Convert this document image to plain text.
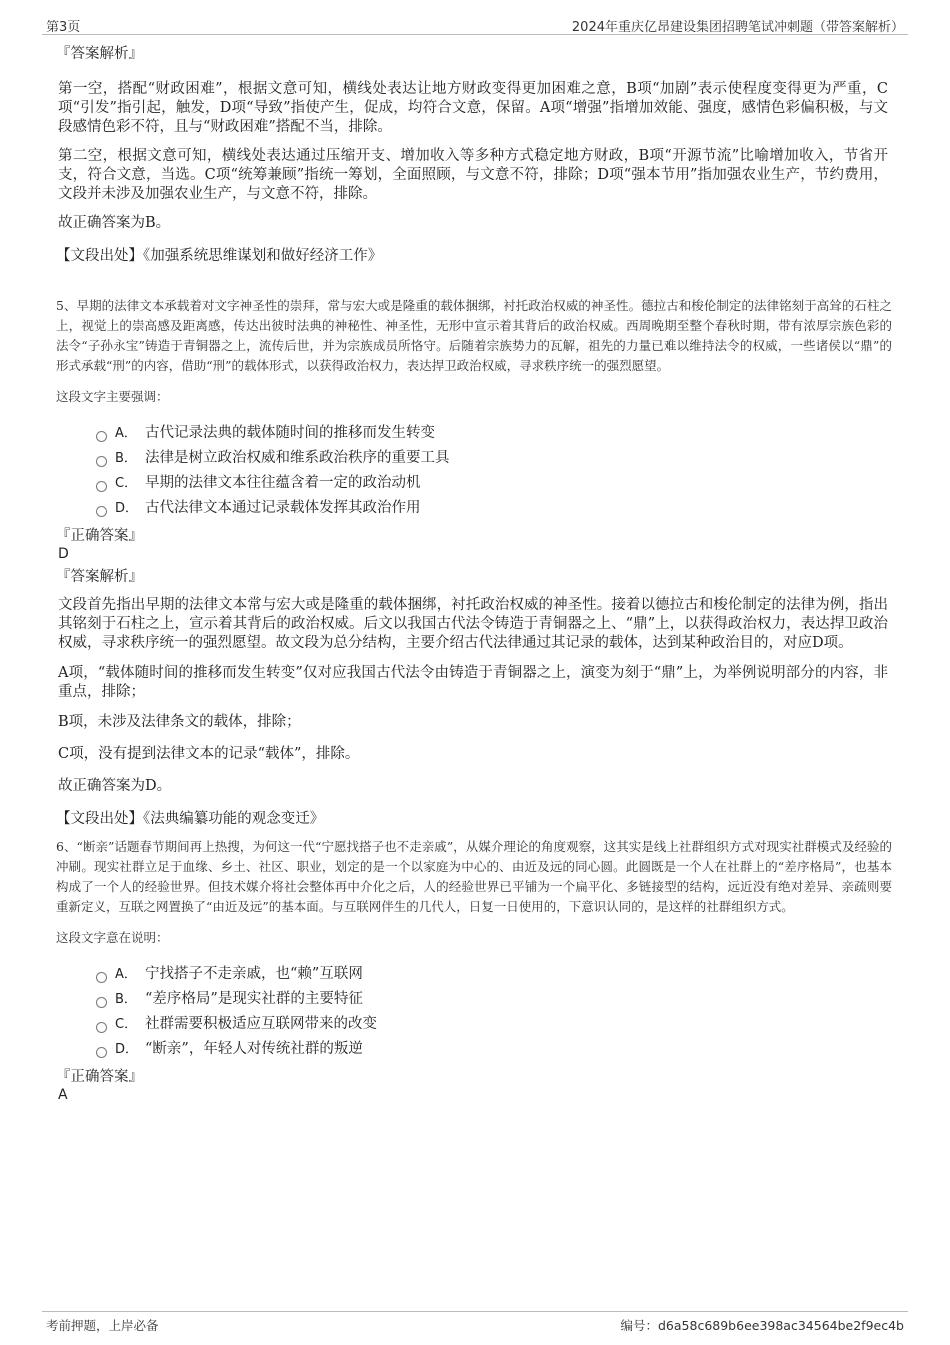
第3页	2024年重庆亿昂建设集团招聘笔试冲刺题（带答案解析）

『答案解析』

第一空，搭配“财政困难”，根据文意可知，横线处表达让地方财政变得更加困难之意，B项“加剧”表示使程度变得更为严重，C项“引发”指引起，触发，D项“导致”指使产生，促成，均符合文意，保留。A项“增强”指增加效能、强度，感情色彩偏积极，与文段感情色彩不符，且与“财政困难”搭配不当，排除。

第二空，根据文意可知，横线处表达通过压缩开支、增加收入等多种方式稳定地方财政，B项“开源节流”比喻增加收入，节省开支，符合文意，当选。C项“统筹兼顾”指统一筹划，全面照顾，与文意不符，排除；D项“强本节用”指加强农业生产，节约费用，文段并未涉及加强农业生产，与文意不符，排除。

故正确答案为B。

【文段出处】《加强系统思维谋划和做好经济工作》

5、早期的法律文本承载着对文字神圣性的崇拜，常与宏大或是隆重的载体捆绑，衬托政治权威的神圣性。德拉古和梭伦制定的法律铭刻于高耸的石柱之上，视觉上的崇高感及距离感，传达出彼时法典的神秘性、神圣性，无形中宣示着其背后的政治权威。西周晚期至整个春秋时期，带有浓厚宗族色彩的法令“子孙永宝”铸造于青铜器之上，流传后世，并为宗族成员所恪守。后随着宗族势力的瓦解，祖先的力量已难以维持法令的权威，一些诸侯以“鼎”的形式承载“刑”的内容，借助“刑”的载体形式，以获得政治权力，表达捍卫政治权威，寻求秩序统一的强烈愿望。

这段文字主要强调：

A． 古代记录法典的载体随时间的推移而发生转变
B． 法律是树立政治权威和维系政治秩序的重要工具
C． 早期的法律文本往往蕴含着一定的政治动机
D． 古代法律文本通过记录载体发挥其政治作用

『正确答案』

D

『答案解析』

文段首先指出早期的法律文本常与宏大或是隆重的载体捆绑，衬托政治权威的神圣性。接着以德拉古和梭伦制定的法律为例，指出其铭刻于石柱之上，宣示着其背后的政治权威。后文以我国古代法令铸造于青铜器之上、“鼎”上，以获得政治权力，表达捍卫政治权威，寻求秩序统一的强烈愿望。故文段为总分结构，主要介绍古代法律通过其记录的载体，达到某种政治目的，对应D项。

A项，“载体随时间的推移而发生转变”仅对应我国古代法令由铸造于青铜器之上，演变为刻于“鼎”上，为举例说明部分的内容，非重点，排除；

B项，未涉及法律条文的载体，排除；

C项，没有提到法律文本的记录“载体”，排除。

故正确答案为D。

【文段出处】《法典编纂功能的观念变迁》

6、“断亲”话题春节期间再上热搜，为何这一代“宁愿找搭子也不走亲戚”，从媒介理论的角度观察，这其实是线上社群组织方式对现实社群模式及经验的冲刷。现实社群立足于血缘、乡土、社区、职业，划定的是一个以家庭为中心的、由近及远的同心圆。此圆既是一个人在社群上的“差序格局”，也基本构成了一个人的经验世界。但技术媒介将社会整体再中介化之后，人的经验世界已平铺为一个扁平化、多链接型的结构，远近没有绝对差异、亲疏则要重新定义，互联之网置换了“由近及远”的基本面。与互联网伴生的几代人，日复一日使用的，下意识认同的，是这样的社群组织方式。

这段文字意在说明：

A． 宁找搭子不走亲戚，也“赖”互联网
B． “差序格局”是现实社群的主要特征
C． 社群需要积极适应互联网带来的改变
D． “断亲”，年轻人对传统社群的叛逆

『正确答案』

A

考前押题，上岸必备	编号：d6a58c689b6ee398ac34564be2f9ec4b
